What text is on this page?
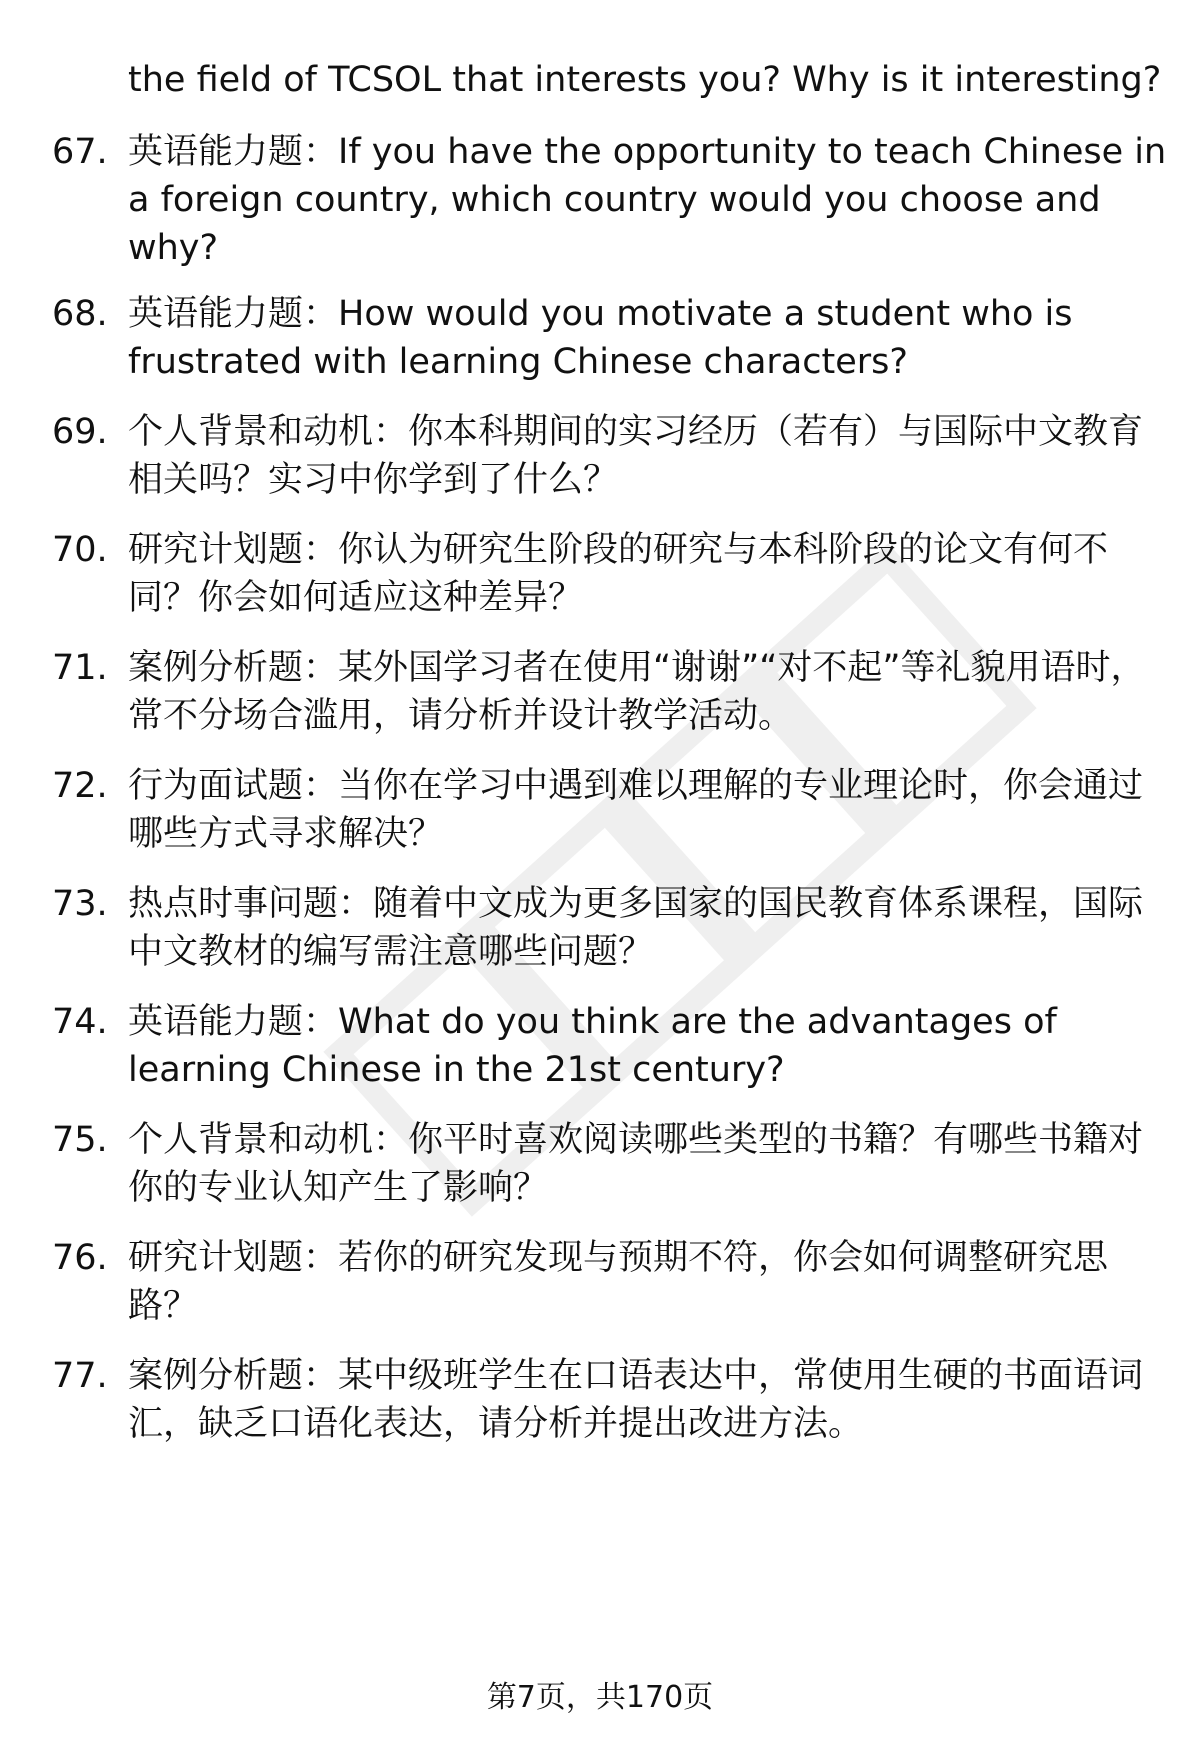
the field of TCSOL that interests you? Why is it interesting?
67. 英语能力题：If you have the opportunity to teach Chinese in a foreign country, which country would you choose and why?
68. 英语能力题：How would you motivate a student who is frustrated with learning Chinese characters?
69. 个人背景和动机：你本科期间的实习经历（若有）与国际中文教育相关吗？实习中你学到了什么？
70. 研究计划题：你认为研究生阶段的研究与本科阶段的论文有何不同？你会如何适应这种差异？
71. 案例分析题：某外国学习者在使用“谢谢”“对不起”等礼貌用语时，常不分场合滥用，请分析并设计教学活动。
72. 行为面试题：当你在学习中遇到难以理解的专业理论时，你会通过哪些方式寻求解决？
73. 热点时事问题：随着中文成为更多国家的国民教育体系课程，国际中文教材的编写需注意哪些问题？
74. 英语能力题：What do you think are the advantages of learning Chinese in the 21st century?
75. 个人背景和动机：你平时喜欢阅读哪些类型的书籍？有哪些书籍对你的专业认知产生了影响？
76. 研究计划题：若你的研究发现与预期不符，你会如何调整研究思路？
77. 案例分析题：某中级班学生在口语表达中，常使用生硬的书面语词汇，缺乏口语化表达，请分析并提出改进方法。
第7页，共170页
